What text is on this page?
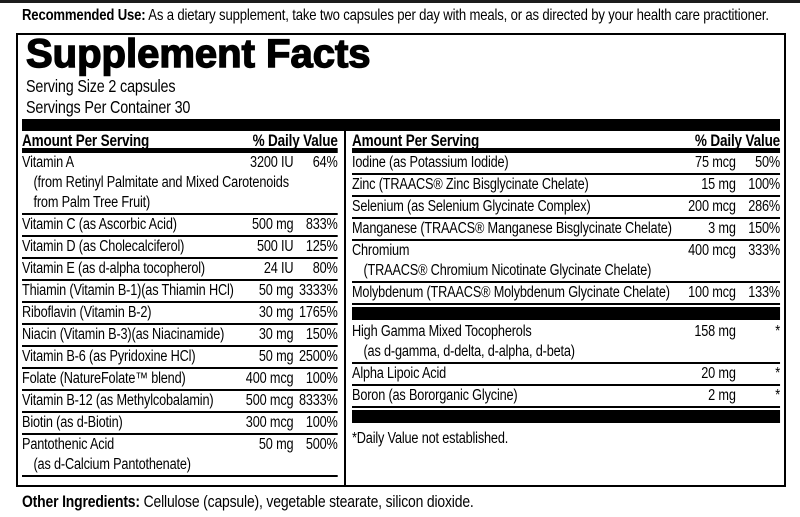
Recommended Use: As a dietary supplement, take two capsules per day with meals, or as directed by your health care practitioner.
Supplement Facts
Serving Size 2 capsules
Servings Per Container 30
Amount Per Serving	% Daily Value
Vitamin A	3200 IU	64%
(from Retinyl Palmitate and Mixed Carotenoids
from Palm Tree Fruit)
Vitamin C (as Ascorbic Acid)	500 mg 833%
Vitamin D (as Cholecalciferol)	500 IU 125%
Vitamin E (as d-alpha tocopherol)	24 IU	80%
Thiamin (Vitamin B-1)(as Thiamin HCl)	50 mg 3333%
Riboflavin (Vitamin B-2)	30 mg 1765%
Niacin (Vitamin B-3)(as Niacinamide)	30 mg 150%
Vitamin B-6 (as Pyridoxine HCl)	50 mg 2500%
Folate (NatureFolate™ blend)	400 mcg 100%
Vitamin B-12 (as Methylcobalamin)	500 mcg 8333%
Biotin (as d-Biotin)	300 mcg 100%
Pantothenic Acid	50 mg 500%
(as d-Calcium Pantothenate)
Amount Per Serving	% Daily Value
Iodine (as Potassium Iodide)	75 mcg	50%
Zinc (TRAACS® Zinc Bisglycinate Chelate)	15 mg 100%
Selenium (as Selenium Glycinate Complex)	200 mcg 286%
Manganese (TRAACS® Manganese Bisglycinate Chelate)	3 mg 150%
Chromium	400 mcg 333%
(TRAACS® Chromium Nicotinate Glycinate Chelate)
Molybdenum (TRAACS® Molybdenum Glycinate Chelate)	100 mcg 133%
High Gamma Mixed Tocopherols	158 mg	*
(as d-gamma, d-delta, d-alpha, d-beta)
Alpha Lipoic Acid	20 mg	*
Boron (as Bororganic Glycine)	2 mg	*
*Daily Value not established.
Other Ingredients: Cellulose (capsule), vegetable stearate, silicon dioxide.
